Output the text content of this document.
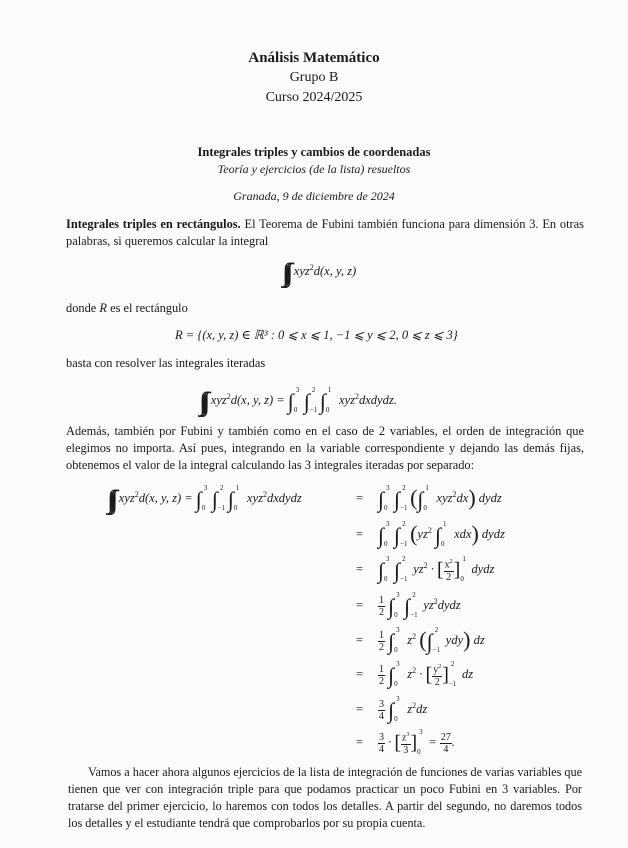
Análisis Matemático
Grupo B
Curso 2024/2025
Integrales triples y cambios de coordenadas
Teoría y ejercicios (de la lista) resueltos
Granada, 9 de diciembre de 2024
Integrales triples en rectángulos. El Teorema de Fubini también funciona para dimensión 3. En otras palabras, si queremos calcular la integral
$_R$ xyz$^2$d(x, y, z)
donde R es el rectángulo
R = {(x, y, z) ∈ ℝ³ : 0 ⩽ x ⩽ 1, −1 ⩽ y ⩽ 2, 0 ⩽ z ⩽ 3}
basta con resolver las integrales iteradas
$_R$ xyz$^2$d(x, y, z) = ∫ 3
0 ∫ 2
−1 ∫ 1
0
xyz$^2$dxdydz.
Además, también por Fubini y también como en el caso de 2 variables, el orden de integración que elegimos no importa. Así pues, integrando en la variable correspondiente y dejando las demás fijas, obtenemos el valor de la integral calculando las 3 integrales iteradas por separado:
$_R$ xyz$^2$d(x, y, z) = ∫ 3
0 ∫ 2
−1 ∫ 1
0
xyz$^2$dxdydz	= ∫ 3
0 ∫ 2
−1 (∫ 1
0
xyz$^2$dx) dydz
= ∫ 3
0 ∫ 2
−1 ($yz^2$ ∫ 1
0
xdx) dydz
= ∫ 3
0 ∫ 2
−1
$yz^2$ · [ $\frac{x^2}{2}$ ] 1
0
dydz
= $\frac{1}{2}$ ∫ 3
0 ∫ 2
−1
$yz^2dydz$
= $\frac{1}{2}$ ∫ 3
0
$z^2$ (∫ 2
−1
ydy) dz
= $\frac{1}{2}$ ∫ 3
0
$z^2$ · [ $\frac{y^2}{2}$ ] 2
−1
dz
= $\frac{3}{4}$ ∫ 3
0
$z^2dz$
= $\frac{3}{4}$ · [ $\frac{z^3}{3}$ ] 3
0
= $\frac{27}{4}$ .
Vamos a hacer ahora algunos ejercicios de la lista de integración de funciones de varias variables que tienen que ver con integración triple para que podamos practicar un poco Fubini en 3 variables. Por tratarse del primer ejercicio, lo haremos con todos los detalles. A partir del segundo, no daremos todos los detalles y el estudiante tendrá que comprobarlos por su propia cuenta.
